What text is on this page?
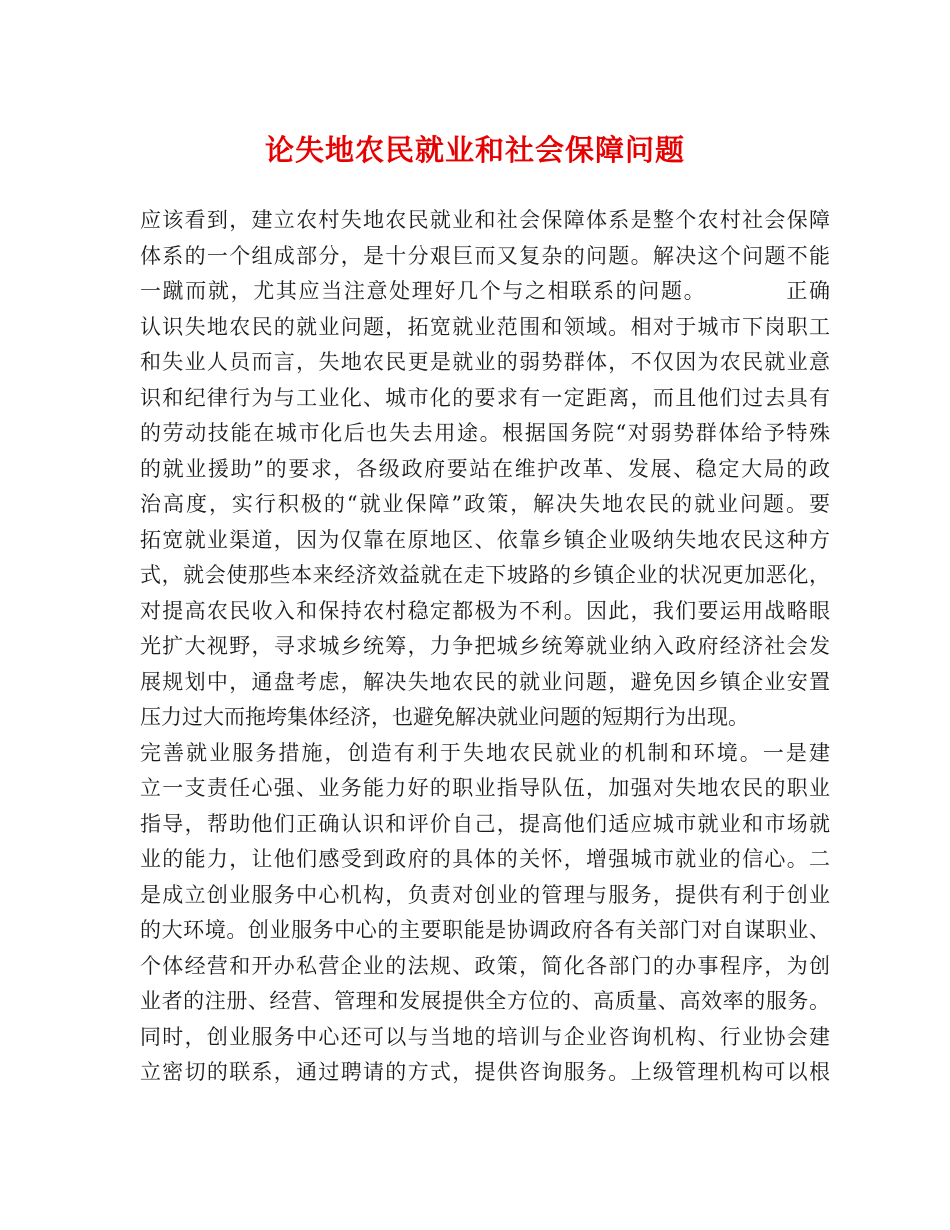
论失地农民就业和社会保障问题
应该看到，建立农村失地农民就业和社会保障体系是整个农村社会保障
体系的一个组成部分，是十分艰巨而又复杂的问题。解决这个问题不能
一蹴而就，尤其应当注意处理好几个与之相联系的问题。　　　　正确
认识失地农民的就业问题，拓宽就业范围和领域。相对于城市下岗职工
和失业人员而言，失地农民更是就业的弱势群体，不仅因为农民就业意
识和纪律行为与工业化、城市化的要求有一定距离，而且他们过去具有
的劳动技能在城市化后也失去用途。根据国务院“对弱势群体给予特殊
的就业援助”的要求，各级政府要站在维护改革、发展、稳定大局的政
治高度，实行积极的“就业保障”政策，解决失地农民的就业问题。要
拓宽就业渠道，因为仅靠在原地区、依靠乡镇企业吸纳失地农民这种方
式，就会使那些本来经济效益就在走下坡路的乡镇企业的状况更加恶化，
对提高农民收入和保持农村稳定都极为不利。因此，我们要运用战略眼
光扩大视野，寻求城乡统筹，力争把城乡统筹就业纳入政府经济社会发
展规划中，通盘考虑，解决失地农民的就业问题，避免因乡镇企业安置
压力过大而拖垮集体经济，也避免解决就业问题的短期行为出现。
完善就业服务措施，创造有利于失地农民就业的机制和环境。一是建
立一支责任心强、业务能力好的职业指导队伍，加强对失地农民的职业
指导，帮助他们正确认识和评价自己，提高他们适应城市就业和市场就
业的能力，让他们感受到政府的具体的关怀，增强城市就业的信心。二
是成立创业服务中心机构，负责对创业的管理与服务，提供有利于创业
的大环境。创业服务中心的主要职能是协调政府各有关部门对自谋职业、
个体经营和开办私营企业的法规、政策，简化各部门的办事程序，为创
业者的注册、经营、管理和发展提供全方位的、高质量、高效率的服务。
同时，创业服务中心还可以与当地的培训与企业咨询机构、行业协会建
立密切的联系，通过聘请的方式，提供咨询服务。上级管理机构可以根
